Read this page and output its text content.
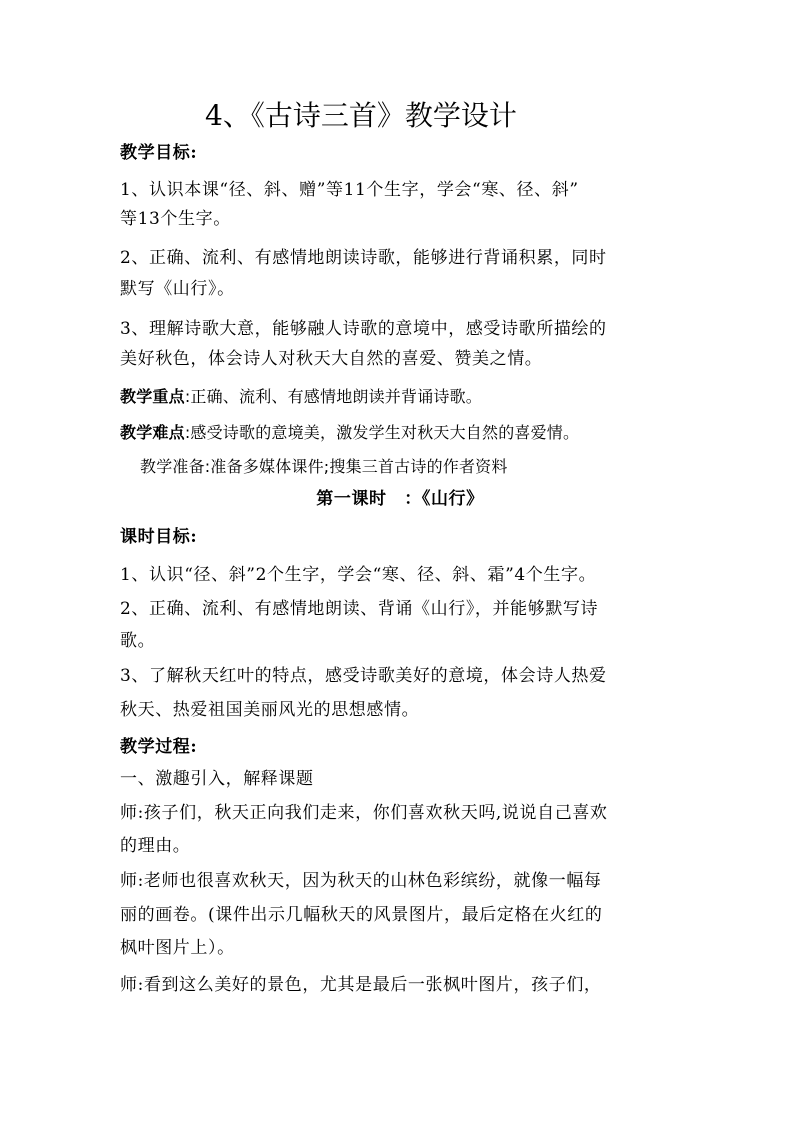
4、《古诗三首》教学设计
教学目标:
1、认识本课“径、斜、赠”等11个生字，学会“寒、径、斜”
等13个生字。
2、正确、流利、有感情地朗读诗歌，能够进行背诵积累，同时
默写《山行》。
3、理解诗歌大意，能够融人诗歌的意境中，感受诗歌所描绘的
美好秋色，体会诗人对秋天大自然的喜爱、赞美之情。
教学重点:正确、流利、有感情地朗读并背诵诗歌。
教学难点:感受诗歌的意境美，激发学生对秋天大自然的喜爱情。
教学准备:准备多媒体课件;搜集三首古诗的作者资料
第一课时　：《山行》
课时目标:
1、认识“径、斜”2个生字，学会“寒、径、斜、霜”4个生字。
2、正确、流利、有感情地朗读、背诵《山行》，并能够默写诗
歌。
3、了解秋天红叶的特点，感受诗歌美好的意境，体会诗人热爱
秋天、热爱祖国美丽风光的思想感情。
教学过程:
一、激趣引入，解释课题
师:孩子们，秋天正向我们走来，你们喜欢秋天吗,说说自己喜欢
的理由。
师:老师也很喜欢秋天，因为秋天的山林色彩缤纷，就像一幅每
丽的画卷。(课件出示几幅秋天的风景图片，最后定格在火红的
枫叶图片上）。
师:看到这么美好的景色，尤其是最后一张枫叶图片，孩子们，
